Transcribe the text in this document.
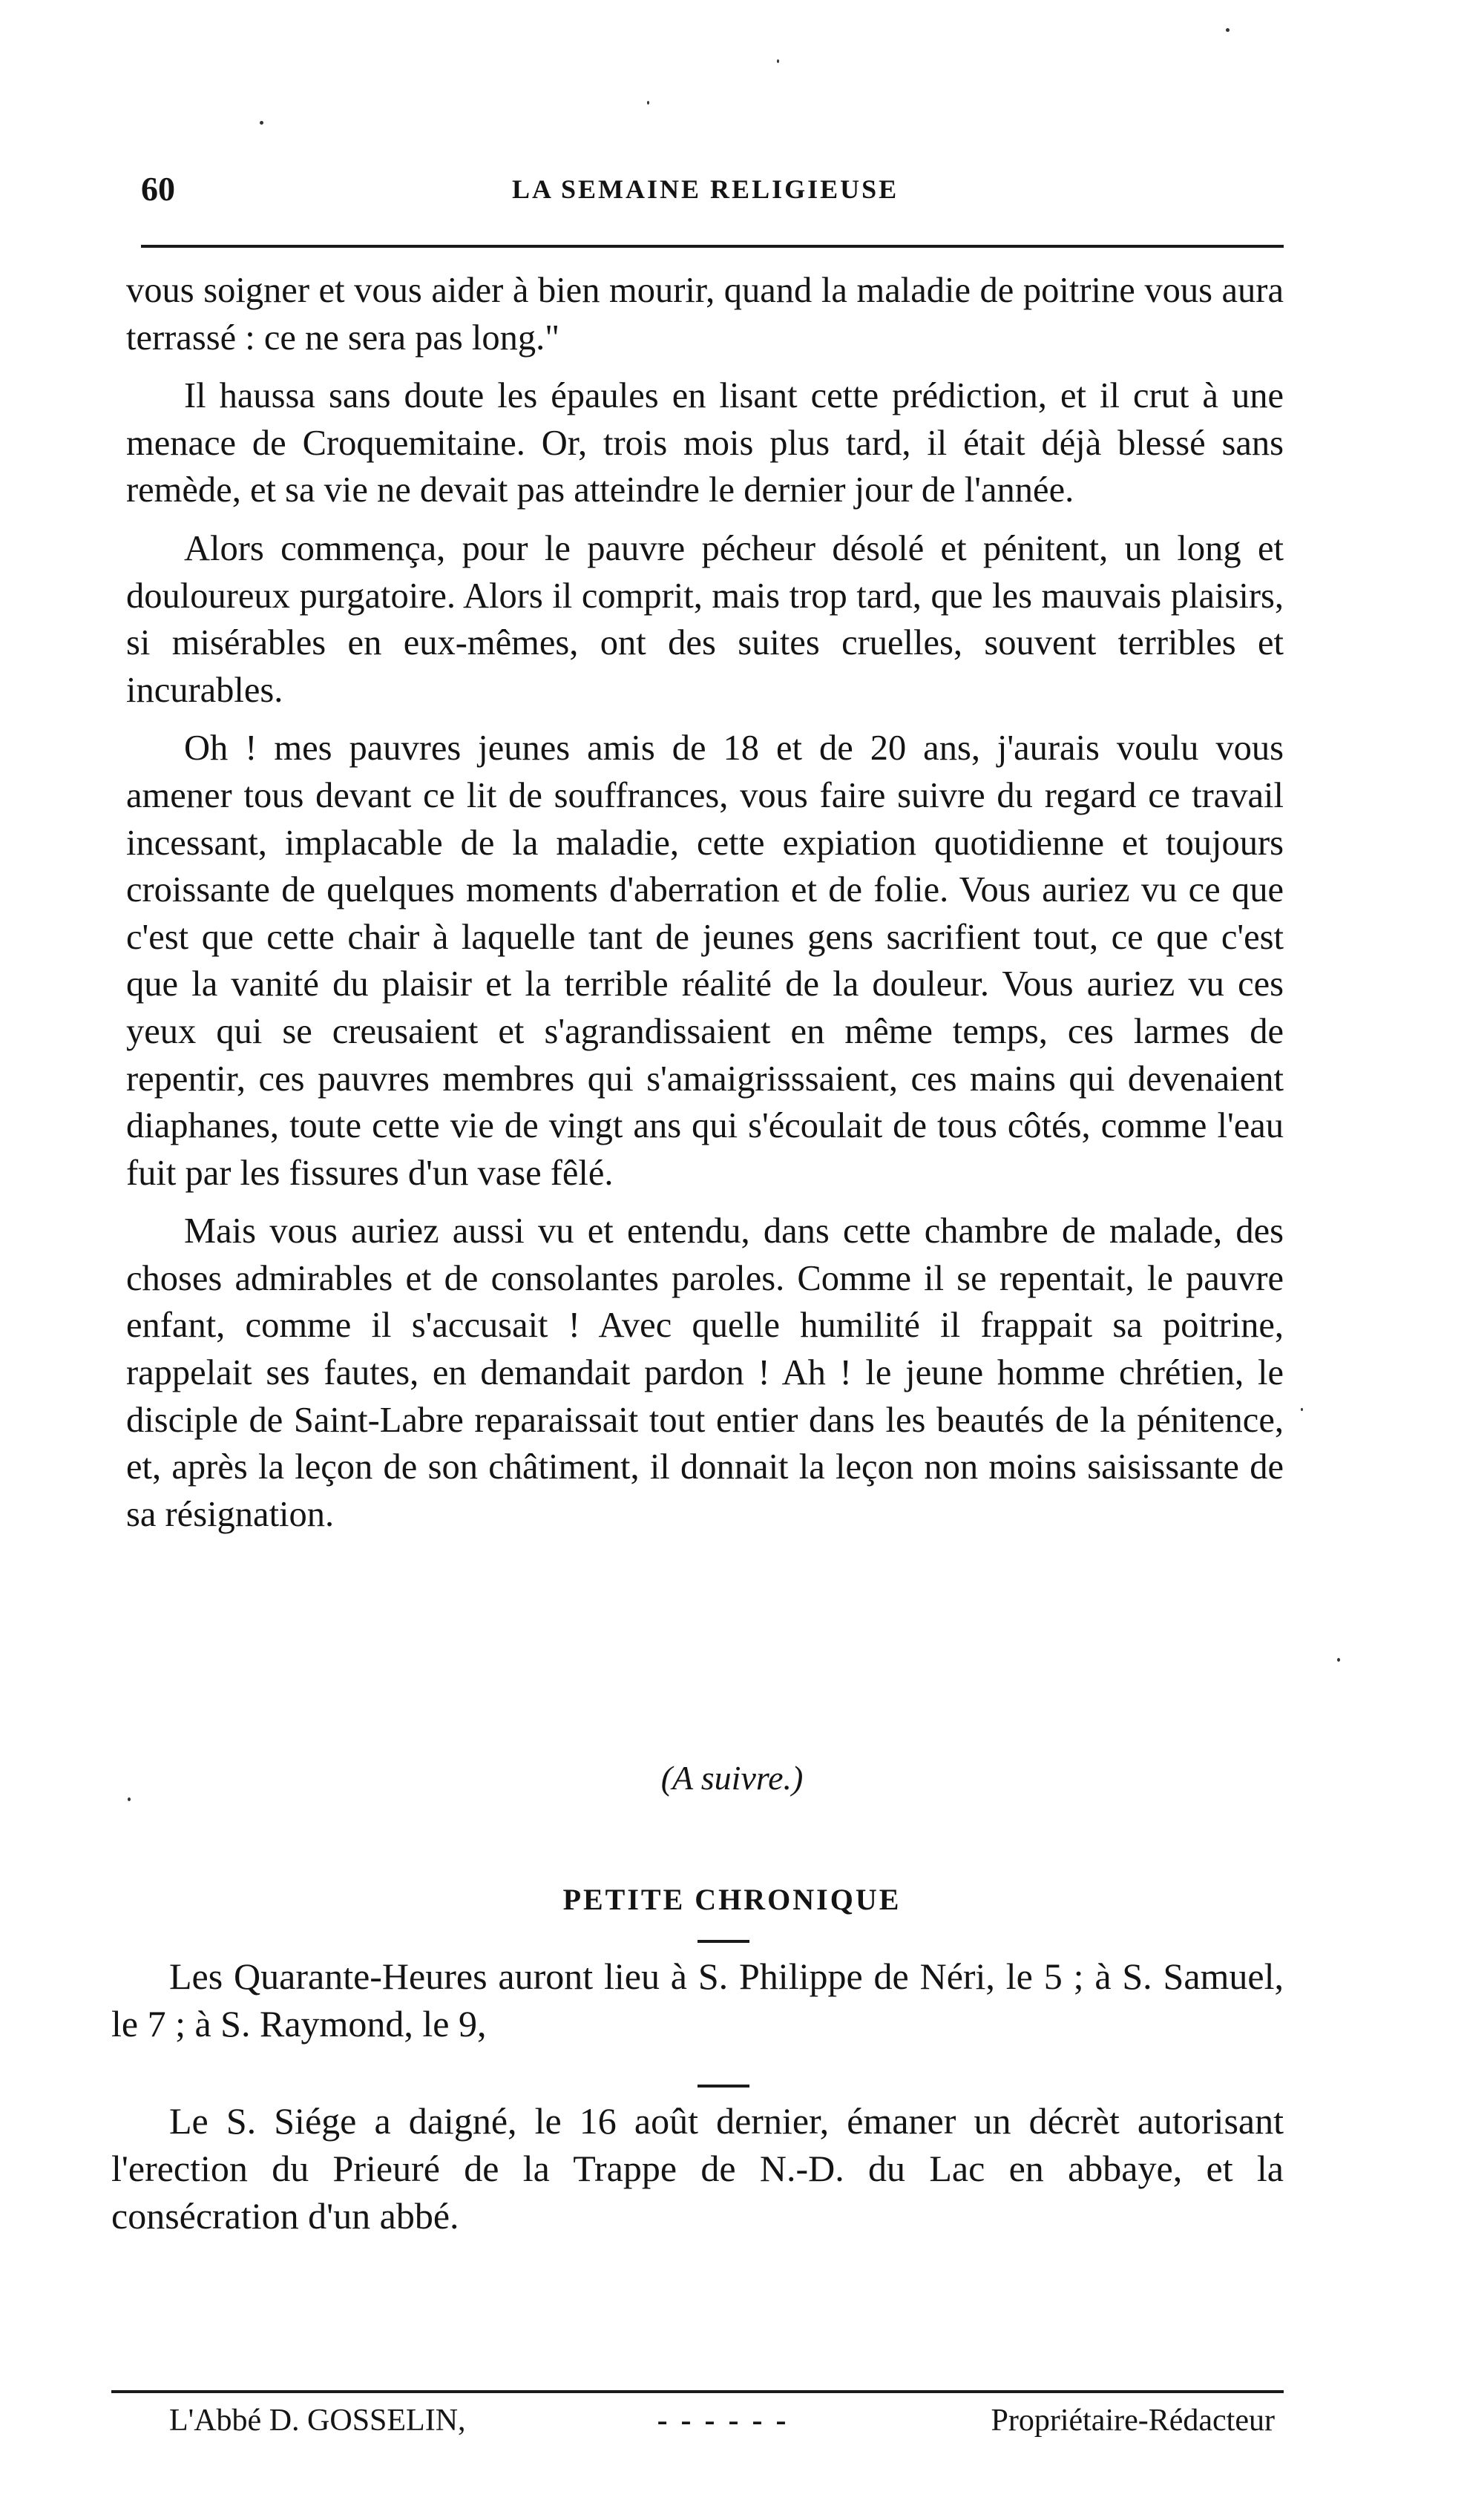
60	LA SEMAINE RELIGIEUSE

vous soigner et vous aider à bien mourir, quand la maladie de poitrine vous aura terrassé : ce ne sera pas long."

Il haussa sans doute les épaules en lisant cette prédiction, et il crut à une menace de Croquemitaine. Or, trois mois plus tard, il était déjà blessé sans remède, et sa vie ne devait pas atteindre le dernier jour de l'année.

Alors commença, pour le pauvre pécheur désolé et pénitent, un long et douloureux purgatoire. Alors il comprit, mais trop tard, que les mauvais plaisirs, si misérables en eux-mêmes, ont des suites cruelles, souvent terribles et incurables.

Oh ! mes pauvres jeunes amis de 18 et de 20 ans, j'aurais voulu vous amener tous devant ce lit de souffrances, vous faire suivre du regard ce travail incessant, implacable de la maladie, cette expiation quotidienne et toujours croissante de quelques moments d'aberration et de folie. Vous auriez vu ce que c'est que cette chair à laquelle tant de jeunes gens sacrifient tout, ce que c'est que la vanité du plaisir et la terrible réalité de la douleur. Vous auriez vu ces yeux qui se creusaient et s'agrandissaient en même temps, ces larmes de repentir, ces pauvres membres qui s'amaigrisssaient, ces mains qui devenaient diaphanes, toute cette vie de vingt ans qui s'écoulait de tous côtés, comme l'eau fuit par les fissures d'un vase fêlé.

Mais vous auriez aussi vu et entendu, dans cette chambre de malade, des choses admirables et de consolantes paroles. Comme il se repentait, le pauvre enfant, comme il s'accusait ! Avec quelle humilité il frappait sa poitrine, rappelait ses fautes, en demandait pardon ! Ah ! le jeune homme chrétien, le disciple de Saint-Labre reparaissait tout entier dans les beautés de la pénitence, et, après la leçon de son châtiment, il donnait la leçon non moins saisissante de sa résignation.

(A suivre.)
PETITE CHRONIQUE

Les Quarante-Heures auront lieu à S. Philippe de Néri, le 5 ; à S. Samuel, le 7 ; à S. Raymond, le 9,

Le S. Siége a daigné, le 16 août dernier, émaner un décrèt autorisant l'erection du Prieuré de la Trappe de N.-D. du Lac en abbaye, et la consécration d'un abbé.

L'Abbé D. GOSSELIN,	------	Propriétaire-Rédacteur
